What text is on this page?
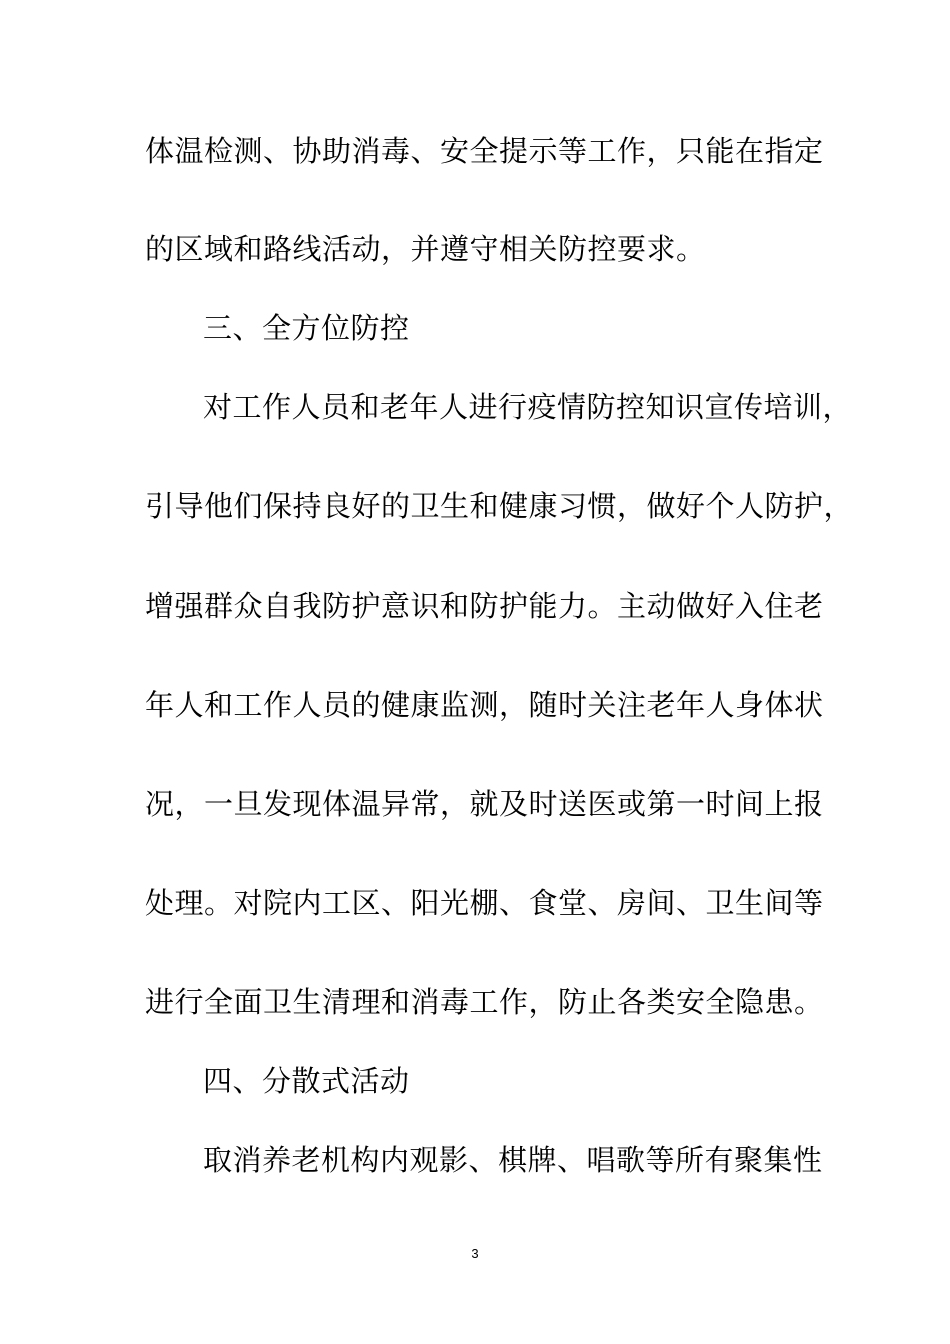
体温检测、协助消毒、安全提示等工作，只能在指定
的区域和路线活动，并遵守相关防控要求。
三、全方位防控
对工作人员和老年人进行疫情防控知识宣传培训，
引导他们保持良好的卫生和健康习惯，做好个人防护，
增强群众自我防护意识和防护能力。主动做好入住老
年人和工作人员的健康监测，随时关注老年人身体状
况，一旦发现体温异常，就及时送医或第一时间上报
处理。对院内工区、阳光棚、食堂、房间、卫生间等
进行全面卫生清理和消毒工作，防止各类安全隐患。
四、分散式活动
取消养老机构内观影、棋牌、唱歌等所有聚集性
3
